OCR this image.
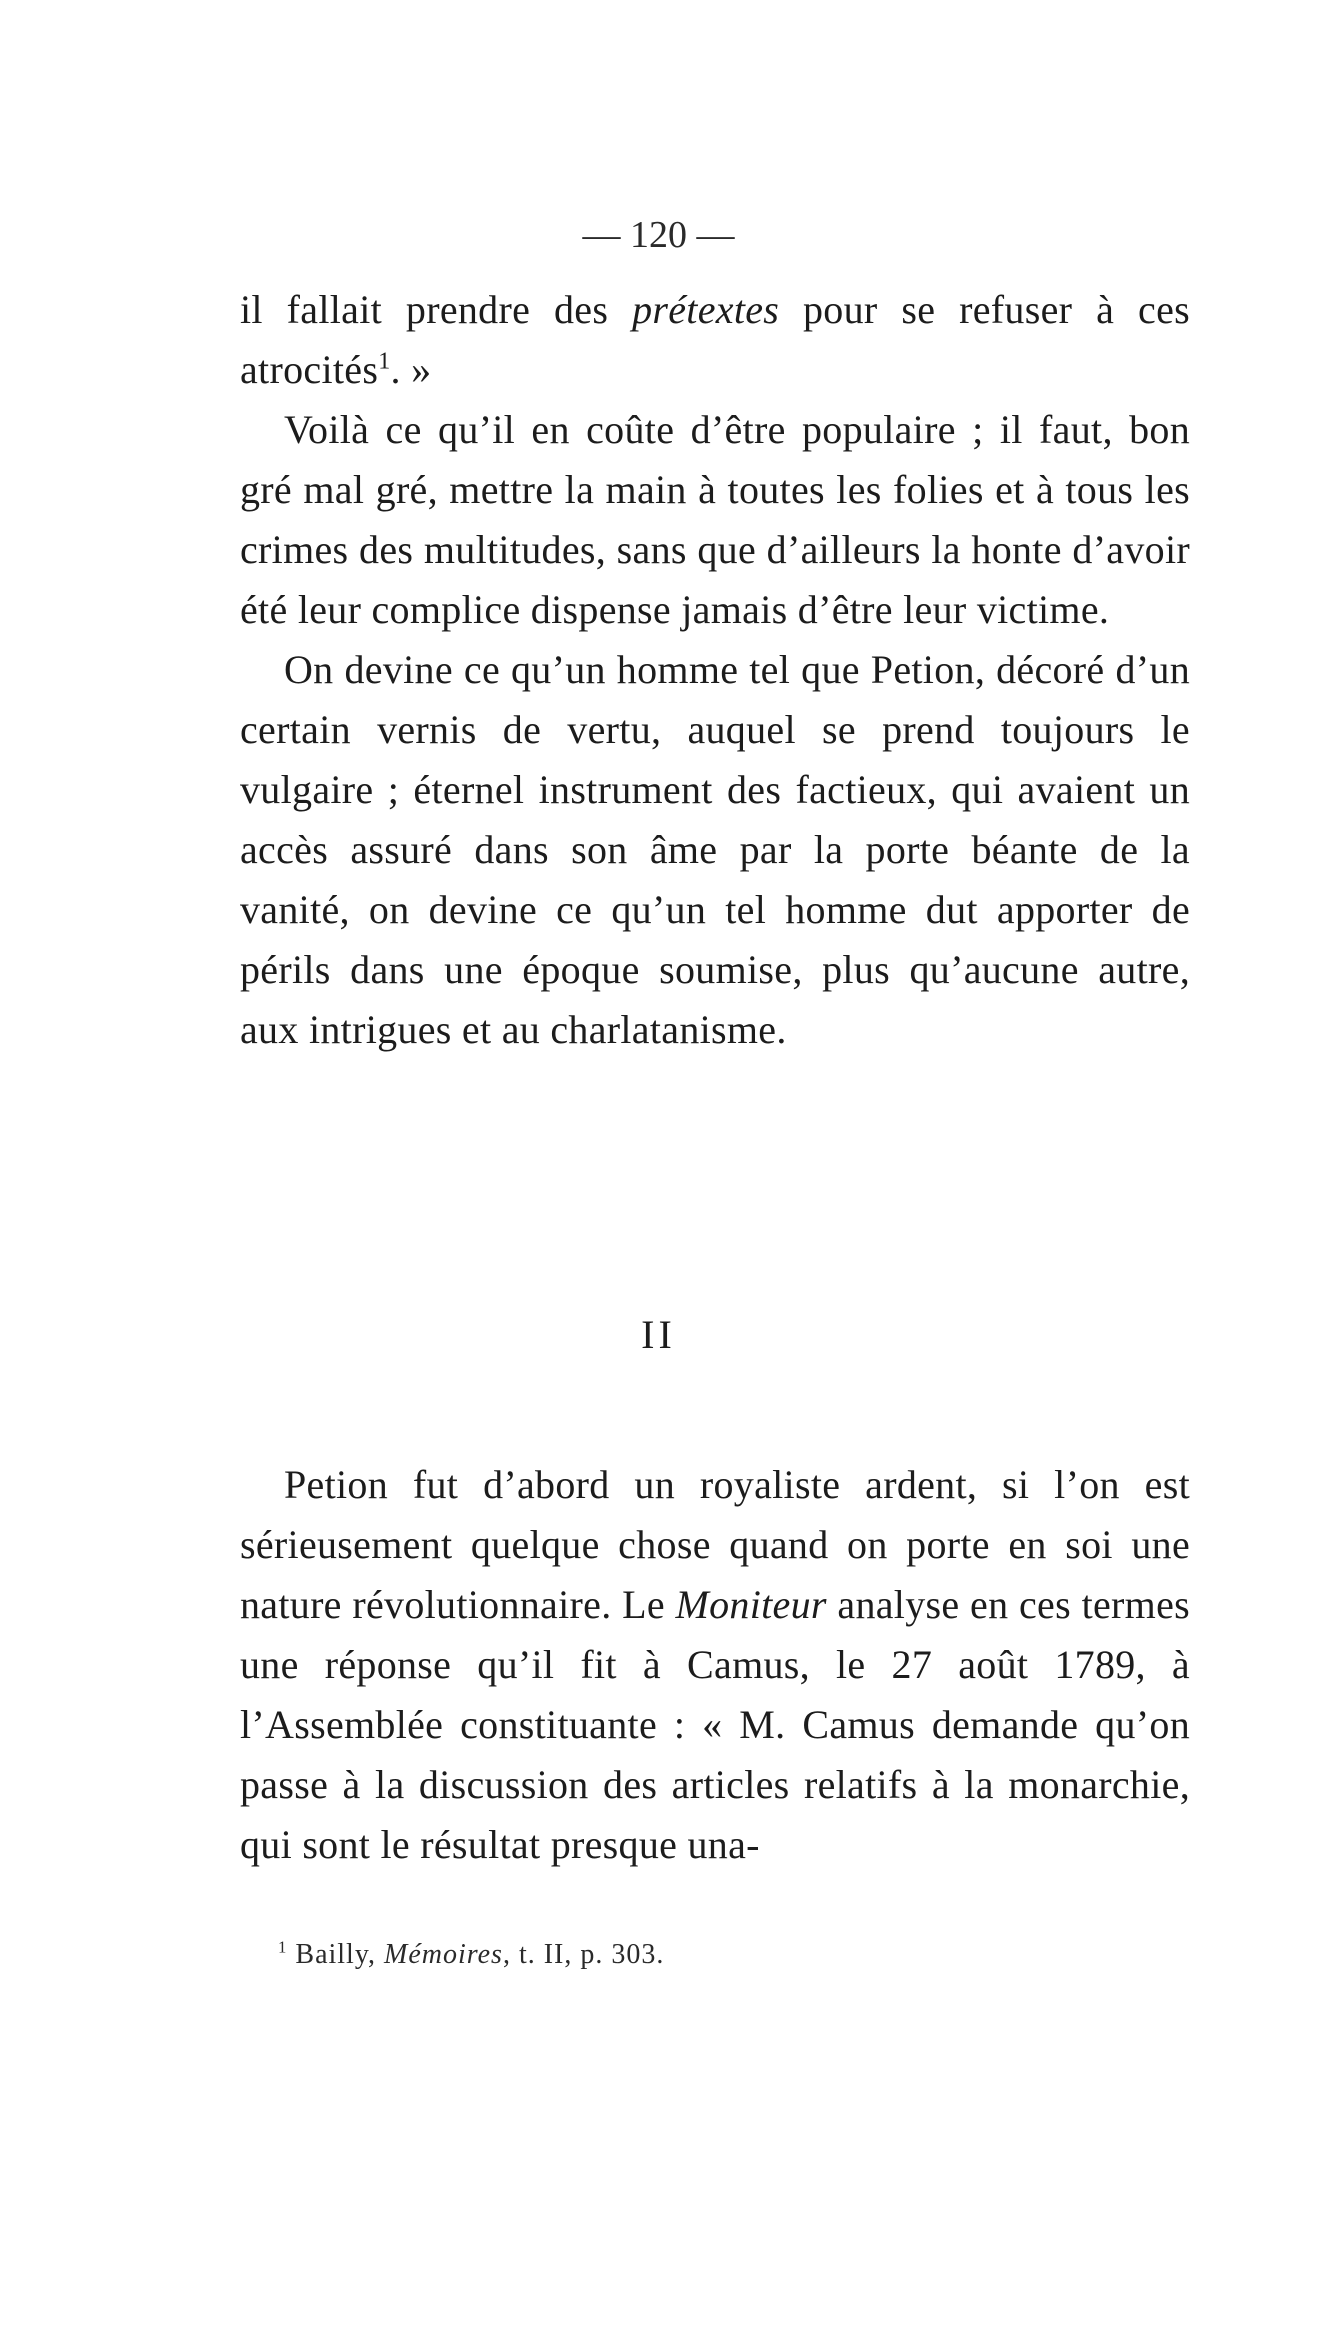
— 120 —

il fallait prendre des prétextes pour se refuser à ces atrocités$^1$. »

Voilà ce qu’il en coûte d’être populaire ; il faut, bon gré mal gré, mettre la main à toutes les folies et à tous les crimes des multitudes, sans que d’ailleurs la honte d’avoir été leur complice dispense jamais d’être leur victime.

On devine ce qu’un homme tel que Petion, décoré d’un certain vernis de vertu, auquel se prend toujours le vulgaire ; éternel instrument des factieux, qui avaient un accès assuré dans son âme par la porte béante de la vanité, on devine ce qu’un tel homme dut apporter de périls dans une époque soumise, plus qu’aucune autre, aux intrigues et au charlatanisme.

II

Petion fut d’abord un royaliste ardent, si l’on est sérieusement quelque chose quand on porte en soi une nature révolutionnaire. Le Moniteur analyse en ces termes une réponse qu’il fit à Camus, le 27 août 1789, à l’Assemblée constituante : « M. Camus demande qu’on passe à la discussion des articles relatifs à la monarchie, qui sont le résultat presque una-

$^1$ Bailly, Mémoires, t. II, p. 303.
